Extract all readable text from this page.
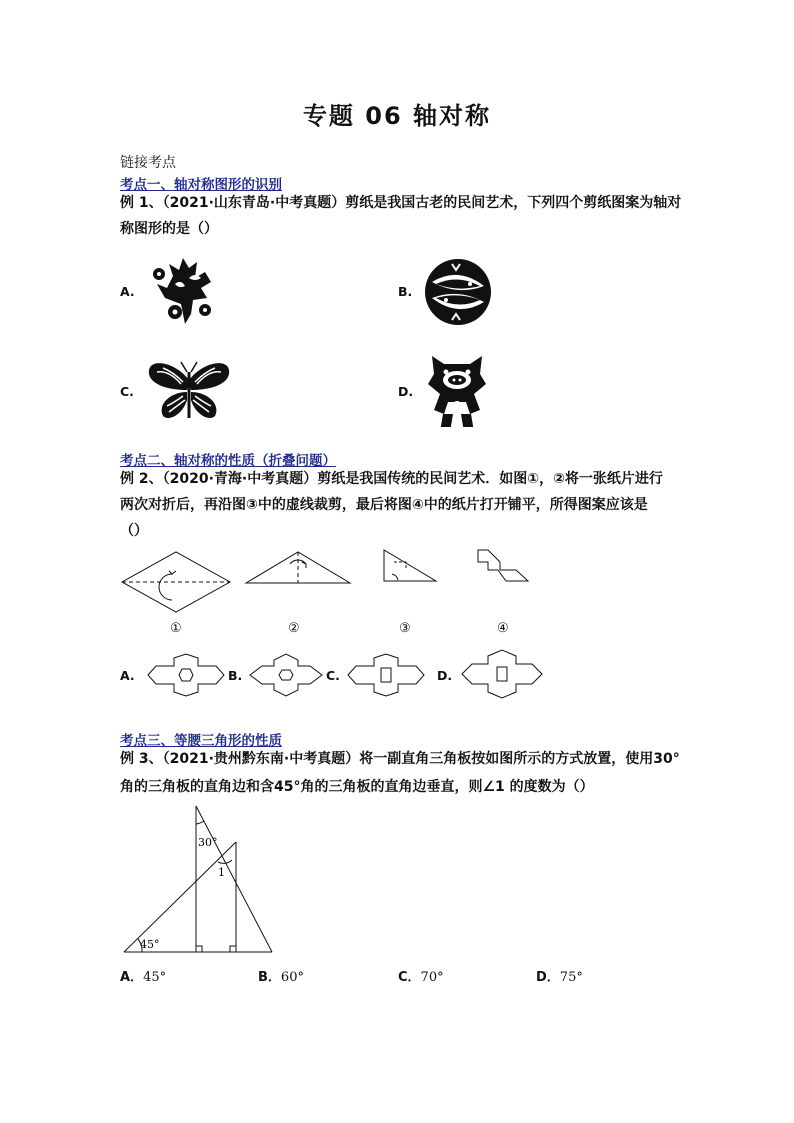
专题 06 轴对称
链接考点
考点一、轴对称图形的识别
例 1、（2021·山东青岛·中考真题）剪纸是我国古老的民间艺术，下列四个剪纸图案为轴对
称图形的是（）
A.	B.
C.	D.
考点二、轴对称的性质（折叠问题）
例 2、（2020·青海·中考真题）剪纸是我国传统的民间艺术．如图①，②将一张纸片进行
两次对折后，再沿图③中的虚线裁剪，最后将图④中的纸片打开铺平，所得图案应该是
（）
①	②	③	④
A.	B.	C.	D.
考点三、等腰三角形的性质
例 3、（2021·贵州黔东南·中考真题）将一副直角三角板按如图所示的方式放置，使用30°
角的三角板的直角边和含45°角的三角板的直角边垂直，则∠1 的度数为（）
30°
1
45°
A．45°	B．60°	C．70°	D．75°
